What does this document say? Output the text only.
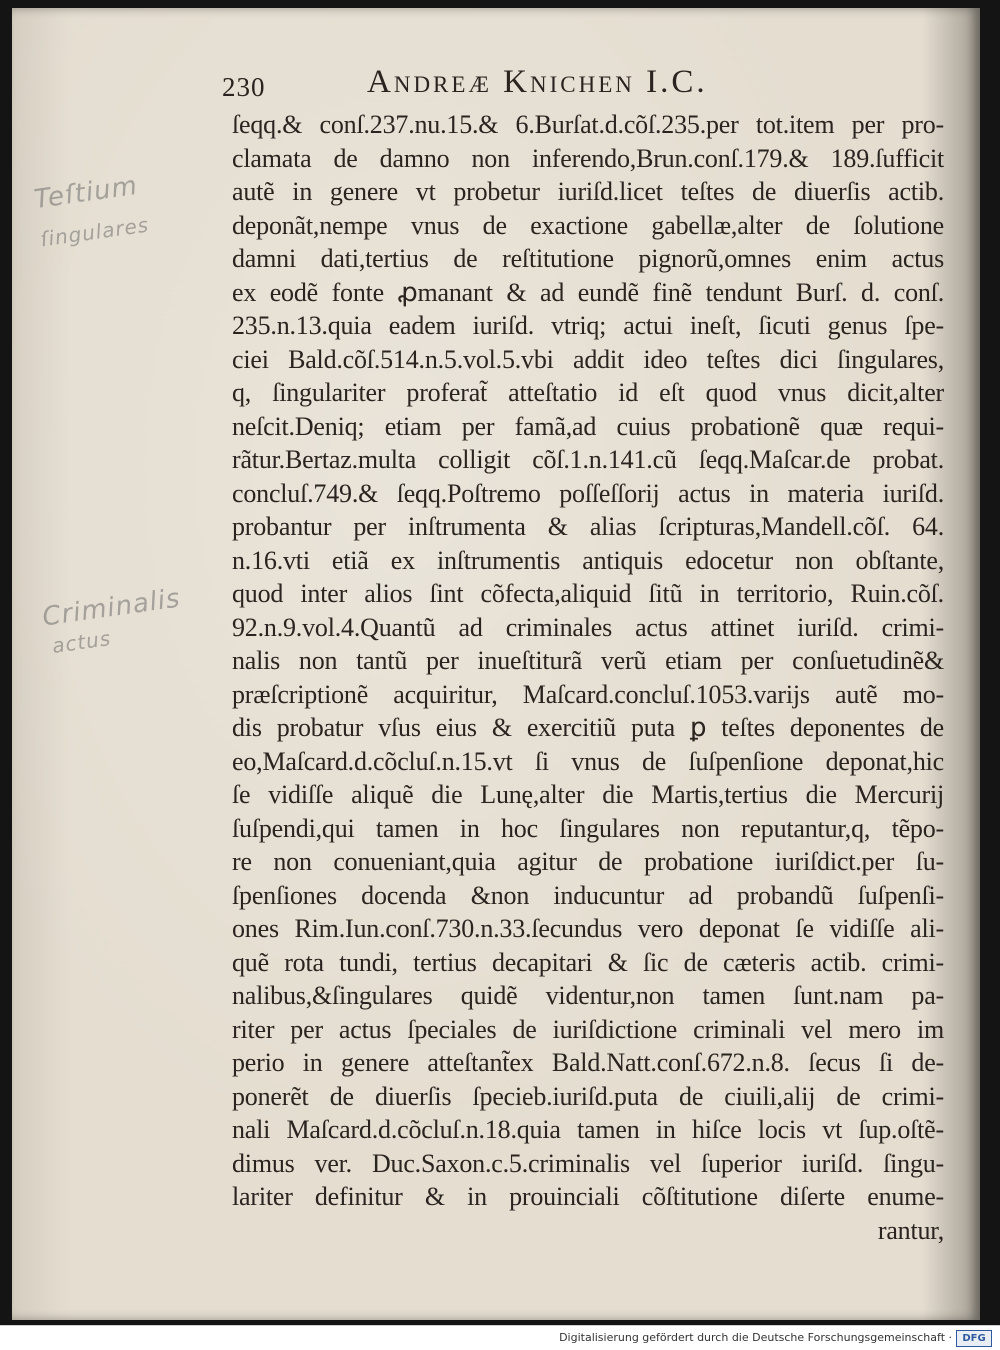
230	Andreæ Knichen I.C.
ſeqq.& conſ.237.nu.15.& 6.Burſat.d.cõſ.235.per tot.item per pro-
clamata de damno non inferendo,Brun.conſ.179.& 189.ſufficit
autẽ in genere vt probetur iuriſd.licet teſtes de diuerſis actib.
deponãt,nempe vnus de exactione gabellæ,alter de ſolutione
damni dati,tertius de reſtitutione pignorũ,omnes enim actus
ex eodẽ fonte ꝓmanant & ad eundẽ finẽ tendunt Burſ. d. conſ.
235.n.13.quia eadem iuriſd. vtriq; actui ineſt, ſicuti genus ſpe-
ciei Bald.cõſ.514.n.5.vol.5.vbi addit ideo teſtes dici ſingulares,
q, ſingulariter proferat̃ atteſtatio id eſt quod vnus dicit,alter
neſcit.Deniq; etiam per famã,ad cuius probationẽ quæ requi-
rãtur.Bertaz.multa colligit cõſ.1.n.141.cũ ſeqq.Maſcar.de probat.
concluſ.749.& ſeqq.Poſtremo poſſeſſorij actus in materia iuriſd.
probantur per inſtrumenta & alias ſcripturas,Mandell.cõſ. 64.
n.16.vti etiã ex inſtrumentis antiquis edocetur non obſtante,
quod inter alios ſint cõfecta,aliquid ſitũ in territorio, Ruin.cõſ.
92.n.9.vol.4.Quantũ ad criminales actus attinet iuriſd. crimi-
nalis non tantũ per inueſtiturã verũ etiam per conſuetudinẽ&
præſcriptionẽ acquiritur, Maſcard.concluſ.1053.varijs autẽ mo-
dis probatur vſus eius & exercitiũ puta ꝑ teſtes deponentes de
eo,Maſcard.d.cõcluſ.n.15.vt ſi vnus de ſuſpenſione deponat,hic
ſe vidiſſe aliquẽ die Lunę,alter die Martis,tertius die Mercurij
ſuſpendi,qui tamen in hoc ſingulares non reputantur,q, tẽpo-
re non conueniant,quia agitur de probatione iuriſdict.per ſu-
ſpenſiones docenda &non inducuntur ad probandũ ſuſpenſi-
ones Rim.Iun.conſ.730.n.33.ſecundus vero deponat ſe vidiſſe ali-
quẽ rota tundi, tertius decapitari & ſic de cæteris actib. crimi-
nalibus,&ſingulares quidẽ videntur,non tamen ſunt.nam pa-
riter per actus ſpeciales de iuriſdictione criminali vel mero im
perio in genere atteſtant̃ex Bald.Natt.conſ.672.n.8. ſecus ſi de-
ponerẽt de diuerſis ſpecieb.iuriſd.puta de ciuili,alij de crimi-
nali Maſcard.d.cõcluſ.n.18.quia tamen in hiſce locis vt ſup.oſtẽ-
dimus ver. Duc.Saxon.c.5.criminalis vel ſuperior iuriſd. ſingu-
lariter definitur & in prouinciali cõſtitutione diſerte enume-
rantur,
Teſtium
ſingulares
Criminalis
actus
Digitalisierung gefördert durch die Deutsche Forschungsgemeinschaft ·	DFG
